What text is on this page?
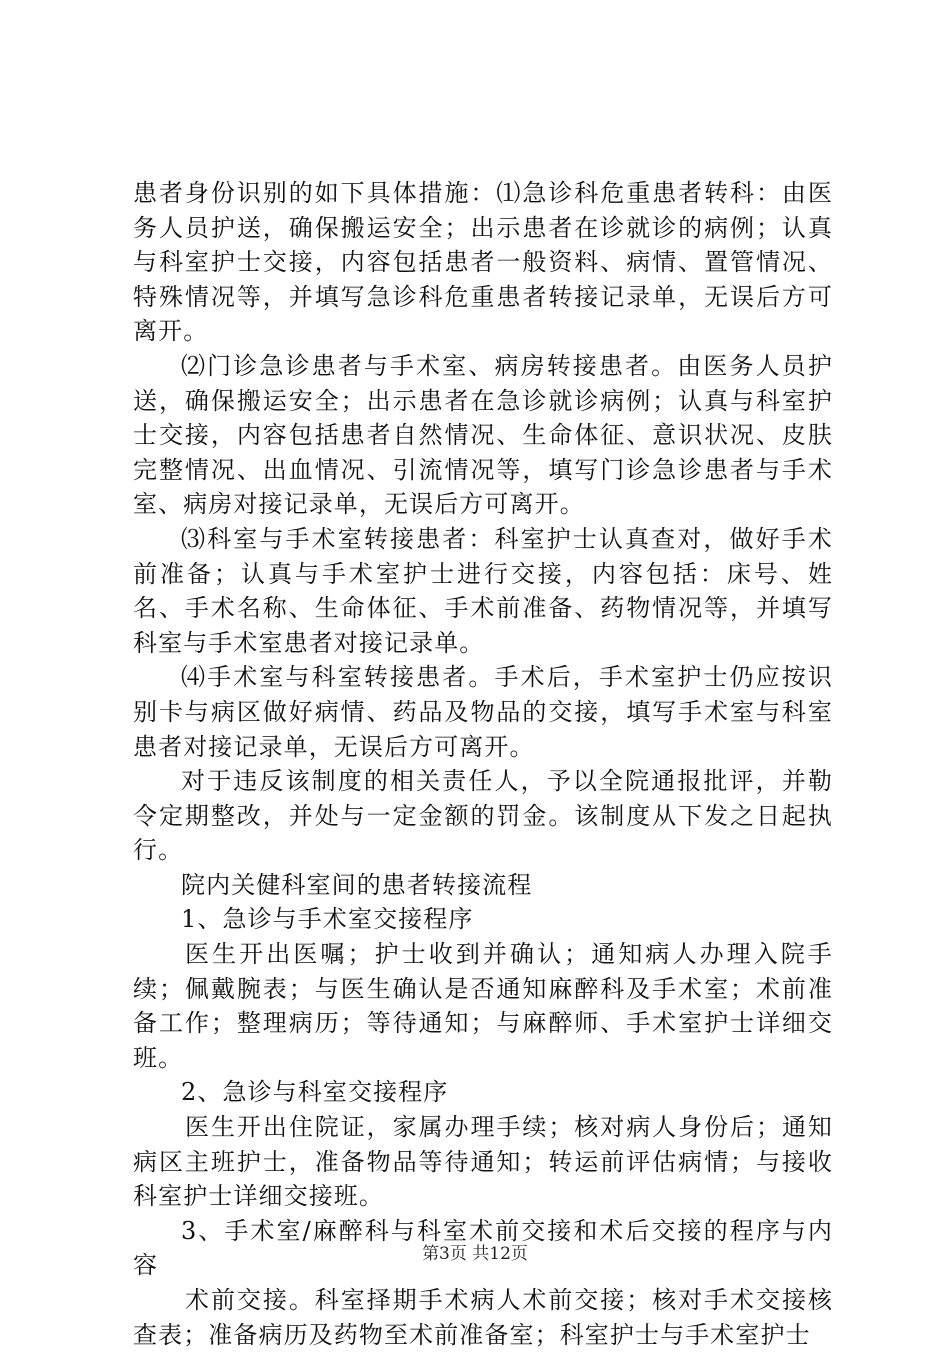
患者身份识别的如下具体措施：⑴急诊科危重患者转科：由医务人员护送，确保搬运安全；出示患者在诊就诊的病例；认真与科室护士交接，内容包括患者一般资料、病情、置管情况、特殊情况等，并填写急诊科危重患者转接记录单，无误后方可离开。

⑵门诊急诊患者与手术室、病房转接患者。由医务人员护送，确保搬运安全；出示患者在急诊就诊病例；认真与科室护士交接，内容包括患者自然情况、生命体征、意识状况、皮肤完整情况、出血情况、引流情况等，填写门诊急诊患者与手术室、病房对接记录单，无误后方可离开。

⑶科室与手术室转接患者：科室护士认真查对，做好手术前准备；认真与手术室护士进行交接，内容包括：床号、姓名、手术名称、生命体征、手术前准备、药物情况等，并填写科室与手术室患者对接记录单。

⑷手术室与科室转接患者。手术后，手术室护士仍应按识别卡与病区做好病情、药品及物品的交接，填写手术室与科室患者对接记录单，无误后方可离开。

对于违反该制度的相关责任人，予以全院通报批评，并勒令定期整改，并处与一定金额的罚金。该制度从下发之日起执行。

院内关健科室间的患者转接流程

1、急诊与手术室交接程序

医生开出医嘱；护士收到并确认；通知病人办理入院手续；佩戴腕表；与医生确认是否通知麻醉科及手术室；术前准备工作；整理病历；等待通知；与麻醉师、手术室护士详细交班。

2、急诊与科室交接程序

医生开出住院证，家属办理手续；核对病人身份后；通知病区主班护士，准备物品等待通知；转运前评估病情；与接收科室护士详细交接班。

3、手术室/麻醉科与科室术前交接和术后交接的程序与内容

术前交接。科室择期手术病人术前交接；核对手术交接核查表；准备病历及药物至术前准备室；科室护士与手术室护士

第3页 共12页
